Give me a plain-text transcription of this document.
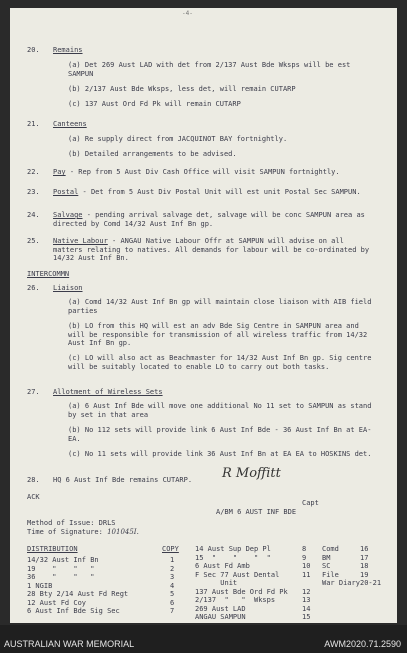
-4-
20. Remains
(a) Det 269 Aust LAD with det from 2/137 Aust Bde Wksps will be est SAMPUN
(b) 2/137 Aust Bde Wksps, less det, will remain CUTARP
(c) 137 Aust Ord Fd Pk will remain CUTARP
21. Canteens
(a) Re supply direct from JACQUINOT BAY fortnightly.
(b) Detailed arrangements to be advised.
22. Pay - Rep from 5 Aust Div Cash Office will visit SAMPUN fortnightly.
23. Postal - Det from 5 Aust Div Postal Unit will est unit Postal Sec SAMPUN.
24. Salvage - pending arrival salvage det, salvage will be conc SAMPUN area as directed by Comd 14/32 Aust Inf Bn gp.
25. Native Labour - ANGAU Native Labour Offr at SAMPUN will advise on all matters relating to natives. All demands for labour will be co-ordinated by 14/32 Aust Inf Bn.
INTERCOMMN
26. Liaison
(a) Comd 14/32 Aust Inf Bn gp will maintain close liaison with AIB field parties
(b) LO from this HQ will est an adv Bde Sig Centre in SAMPUN area and will be responsible for transmission of all wireless traffic from 14/32 Aust Inf Bn gp.
(c) LO will also act as Beachmaster for 14/32 Aust Inf Bn gp. Sig centre will be suitably located to enable LO to carry out both tasks.
27. Allotment of Wireless Sets
(a) 6 Aust Inf Bde will move one additional No 11 set to SAMPUN as stand by set in that area
(b) No 112 sets will provide link 6 Aust Inf Bde - 36 Aust Inf Bn at EA-EA.
(c) No 11 sets will provide link 36 Aust Inf Bn at EA EA to HOSKINS det.
28. HQ 6 Aust Inf Bde remains CUTARP.
ACK
R Moffitt
Capt
A/BM 6 AUST INF BDE
Method of Issue: DRLS
Time of Signature: 101045I.
DISTRIBUTION	COPY
14/32 Aust Inf Bn
19    "    "   "
36    "    "   "
1 NGIB
28 Bty 2/14 Aust Fd Regt
12 Aust Fd Coy
6 Aust Inf Bde Sig Sec
1
2
3
4
5
6
7
14 Aust Sup Dep Pl
15  "    "    "  "
6 Aust Fd Amb
F Sec 77 Aust Dental
Unit
137 Aust Bde Ord Fd Pk
2/137  "   "  Wksps
269 Aust LAD
ANGAU SAMPUN
8
9
10
11

12
13
14
15
Comd
BM
SC
File
War Diary
16
17
18
19
20-21
AUSTRALIAN WAR MEMORIAL	AWM2020.71.2590
